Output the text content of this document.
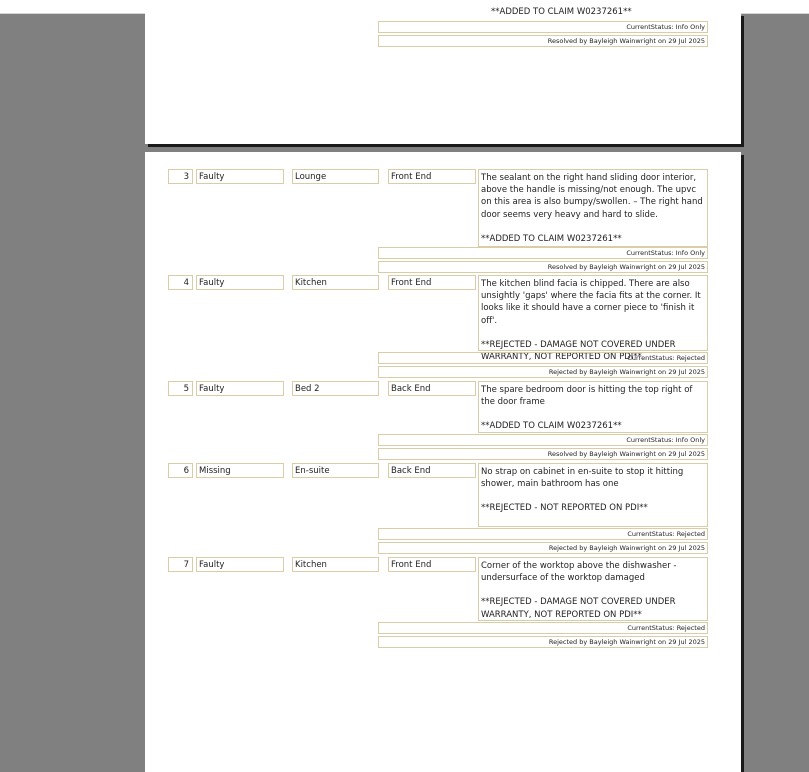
**ADDED TO CLAIM W0237261**
CurrentStatus: Info Only
Resolved by Bayleigh Wainwright on 29 Jul 2025
3	Faulty	Lounge	Front End	The sealant on the right hand sliding door interior, above the handle is missing/not enough. The upvc on this area is also bumpy/swollen. – The right hand door seems very heavy and hard to slide.
**ADDED TO CLAIM W0237261**
CurrentStatus: Info Only
Resolved by Bayleigh Wainwright on 29 Jul 2025
4	Faulty	Kitchen	Front End	The kitchen blind facia is chipped. There are also unsightly 'gaps' where the facia fits at the corner. It looks like it should have a corner piece to 'finish it off'.
**REJECTED - DAMAGE NOT COVERED UNDER WARRANTY, NOT REPORTED ON PDI**
CurrentStatus: Rejected
Rejected by Bayleigh Wainwright on 29 Jul 2025
5	Faulty	Bed 2	Back End	The spare bedroom door is hitting the top right of the door frame
**ADDED TO CLAIM W0237261**
CurrentStatus: Info Only
Resolved by Bayleigh Wainwright on 29 Jul 2025
6	Missing	En-suite	Back End	No strap on cabinet in en-suite to stop it hitting shower, main bathroom has one
**REJECTED - NOT REPORTED ON PDI**
CurrentStatus: Rejected
Rejected by Bayleigh Wainwright on 29 Jul 2025
7	Faulty	Kitchen	Front End	Corner of the worktop above the dishwasher - undersurface of the worktop damaged
**REJECTED - DAMAGE NOT COVERED UNDER WARRANTY, NOT REPORTED ON PDI**
CurrentStatus: Rejected
Rejected by Bayleigh Wainwright on 29 Jul 2025
